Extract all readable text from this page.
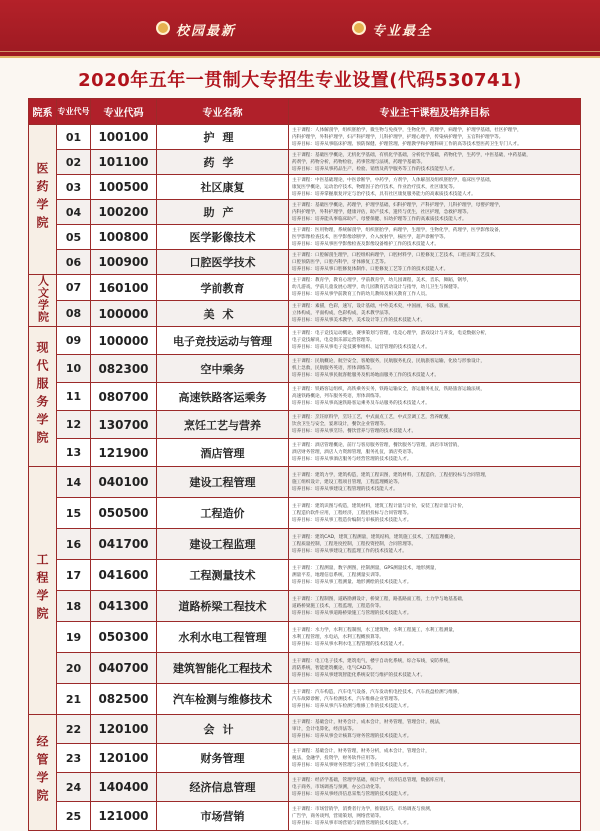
校园最新	专业最全
2020年五年一贯制大专招生专业设置(代码530741)
院系	专业代号	专业代码	专业名称	专业主干课程及培养目标
医药学院	01	100100	护理	主干课程：人体解剖学，组织胚胎学，微生物与免疫学，生物化学，药理学，病理学，护理学基础，社区护理学，

内科护理学，外科护理学，妇产科护理学，儿科护理学，护理心理学，传染病护理学，五官科护理学等。

培养目标：培养从事临床护理、预防保健、护理管理、护理教学和护理科研工作的高等技术型医药卫生专门人才。

	02	101100	药学	主干课程：基础医学概论，无机化学基础，有机化学基础，分析化学基础，药物化学，生药学，中医基础，中药基础，

药剂学，药物分析，药物检验，药事管理与法规，药理学基础等。

培养目标：培养从事药品生产、检验、销售及药学服务等工作的技术技能型人才。

	03	100500	社区康复	主干课程：中医基础理论，中医诊断学，中药学，方剂学，人体解剖及组织胚胎学，临床医学基础，

康复医学概论，运动治疗技术，物理因子治疗技术，作业治疗技术，社区康复等。

培养目标：培养掌握康复评定与治疗技术，具有社区康复服务能力的高素质技术技能人才。

	04	100200	助产	主干课程：基础医学概论，药理学，护理学基础，妇科护理学，产科护理学，儿科护理学，母婴护理学，

内科护理学，外科护理学，健康评估，助产技术，遗传与优生，社区护理，急救护理等。

培养目标：培养能从事临床助产、母婴保健、妇幼护理等工作的高素质技术技能人才。

	05	100800	医学影像技术	主干课程：医用物理，系统解剖学，组织胚胎学，病理学，生理学，生物化学，药理学，医学影像设备，

医学影像检查技术，医学影像诊断学，介入放射学，核医学，超声诊断学等。

培养目标：培养从事医学影像检查及影像设备维护工作的技术技能人才。

	06	100900	口腔医学技术	主干课程：口腔解剖生理学，口腔组织病理学，口腔材料学，口腔修复工艺技术，口腔正畸工艺技术，

口腔预防医学，口腔内科学，牙体修复工艺等。

培养目标：培养从事口腔修复体制作、口腔修复工艺等工作的技术技能人才。

人文学院	07	160100	学前教育	主干课程：教育学，教育心理学，学前教育学，幼儿园课程，美术，音乐，舞蹈，钢琴，

幼儿游戏，学前儿童发展心理学，幼儿园教育活动设计与指导，幼儿卫生与保健等。

培养目标：培养从事学前教育工作的幼儿教师及相关教育工作人员。

	08	100000	美术	主干课程：素描，色彩，速写，设计基础，中外美术史，中国画，书法，版画，

立体构成，平面构成，色彩构成，美术教学法等。

培养目标：培养从事美术教学、美术设计等工作的技术技能人才。

现代服务学院	09	100000	电子竞技运动与管理	主干课程：电子竞技运动概论，赛事策划与管理，电竞心理学，游戏设计与开发，电竞数据分析，

电子竞技解说，电竞俱乐部运营管理等。

培养目标：培养从事电子竞技赛事组织、运营管理的技术技能人才。

	10	082300	空中乘务	主干课程：民航概论，航空安全，客舱服务，民航服务礼仪，民航旅客运输，化妆与形象设计，

机上急救，民航服务英语，形体训练等。

培养目标：培养从事民航客舱服务及机场地面服务工作的技术技能人才。

	11	080700	高速铁路客运乘务	主干课程：铁路客运组织，高铁乘务实务，铁路运输安全，客运服务礼仪，铁路旅客运输法规，

高速铁路概论，列车服务英语，形体训练等。

培养目标：培养从事高速铁路客运乘务及车站服务的技术技能人才。

	12	130700	烹饪工艺与营养	主干课程：烹饪原料学，烹饪工艺，中式面点工艺，中式烹调工艺，营养配餐，

饮食卫生与安全，宴席设计，餐饮企业管理等。

培养目标：培养从事烹饪、餐饮营养与管理的技术技能人才。

	13	121900	酒店管理	主干课程：酒店管理概论，前厅与客房服务管理，餐饮服务与管理，酒店市场营销，

酒店财务管理，酒店人力资源管理，服务礼仪，酒店英语等。

培养目标：培养从事酒店服务与经营管理的技术技能人才。

工程学院	14	040100	建设工程管理	主干课程：建筑力学，建筑构造，建筑工程识图，建筑材料，工程造价，工程招投标与合同管理，

施工组织设计，建设工程项目管理，工程监理概论等。

培养目标：培养从事建设工程管理的技术技能人才。

	15	050500	工程造价	主干课程：建筑识图与构造，建筑材料，建筑工程计量与计价，安装工程计量与计价，

工程造价软件应用，工程经济，工程招投标与合同管理等。

培养目标：培养从事工程造价编制与审核的技术技能人才。

	16	041700	建设工程监理	主干课程：建筑CAD，建筑工程测量，建筑结构，建筑施工技术，工程监理概论，

工程质量控制，工程进度控制，工程投资控制，合同管理等。

培养目标：培养从事建设工程监理工作的技术技能人才。

	17	041600	工程测量技术	主干课程：工程测量，数字测图，控制测量，GPS测量技术，地形测量，

测量平差，地理信息系统，工程测量实训等。

培养目标：培养从事工程测量、地形测绘的技术技能人才。

	18	041300	道路桥梁工程技术	主干课程：工程制图，道路勘测设计，桥梁工程，路基路面工程，土力学与地基基础，

道路桥梁施工技术，工程监理，工程造价等。

培养目标：培养从事道路桥梁施工与管理的技术技能人才。

	19	050300	水利水电工程管理	主干课程：水力学，水利工程制图，水工建筑物，水利工程施工，水利工程测量，

水利工程管理，水电站，水利工程概预算等。

培养目标：培养从事水利水电工程管理的技术技能人才。

	20	040700	建筑智能化工程技术	主干课程：电工电子技术，建筑电气，楼宇自动化系统，综合布线，安防系统，

消防系统，智能建筑概论，电气CAD等。

培养目标：培养从事建筑智能化系统安装与维护的技术技能人才。

	21	082500	汽车检测与维修技术	主干课程：汽车构造，汽车电气设备，汽车发动机电控技术，汽车底盘检测与维修，

汽车故障诊断，汽车检测技术，汽车维修企业管理等。

培养目标：培养从事汽车检测与维修工作的技术技能人才。

经管学院	22	120100	会计	主干课程：基础会计，财务会计，成本会计，财务管理，管理会计，税法，

审计，会计电算化，经济法等。

培养目标：培养从事会计核算与财务管理的技术技能人才。

	23	120100	财务管理	主干课程：基础会计，财务管理，财务分析，成本会计，管理会计，

税法，金融学，投资学，财务软件应用等。

培养目标：培养从事财务管理与分析工作的技术技能人才。

	24	140400	经济信息管理	主干课程：经济学基础，管理学基础，统计学，经济信息管理，数据库应用，

电子商务，市场调查与预测，办公自动化等。

培养目标：培养从事经济信息采集与管理的技术技能人才。

	25	121000	市场营销	主干课程：市场营销学，消费者行为学，推销技巧，市场调查与预测，

广告学，商务谈判，营销策划，网络营销等。

培养目标：培养从事市场营销与销售管理的技术技能人才。
